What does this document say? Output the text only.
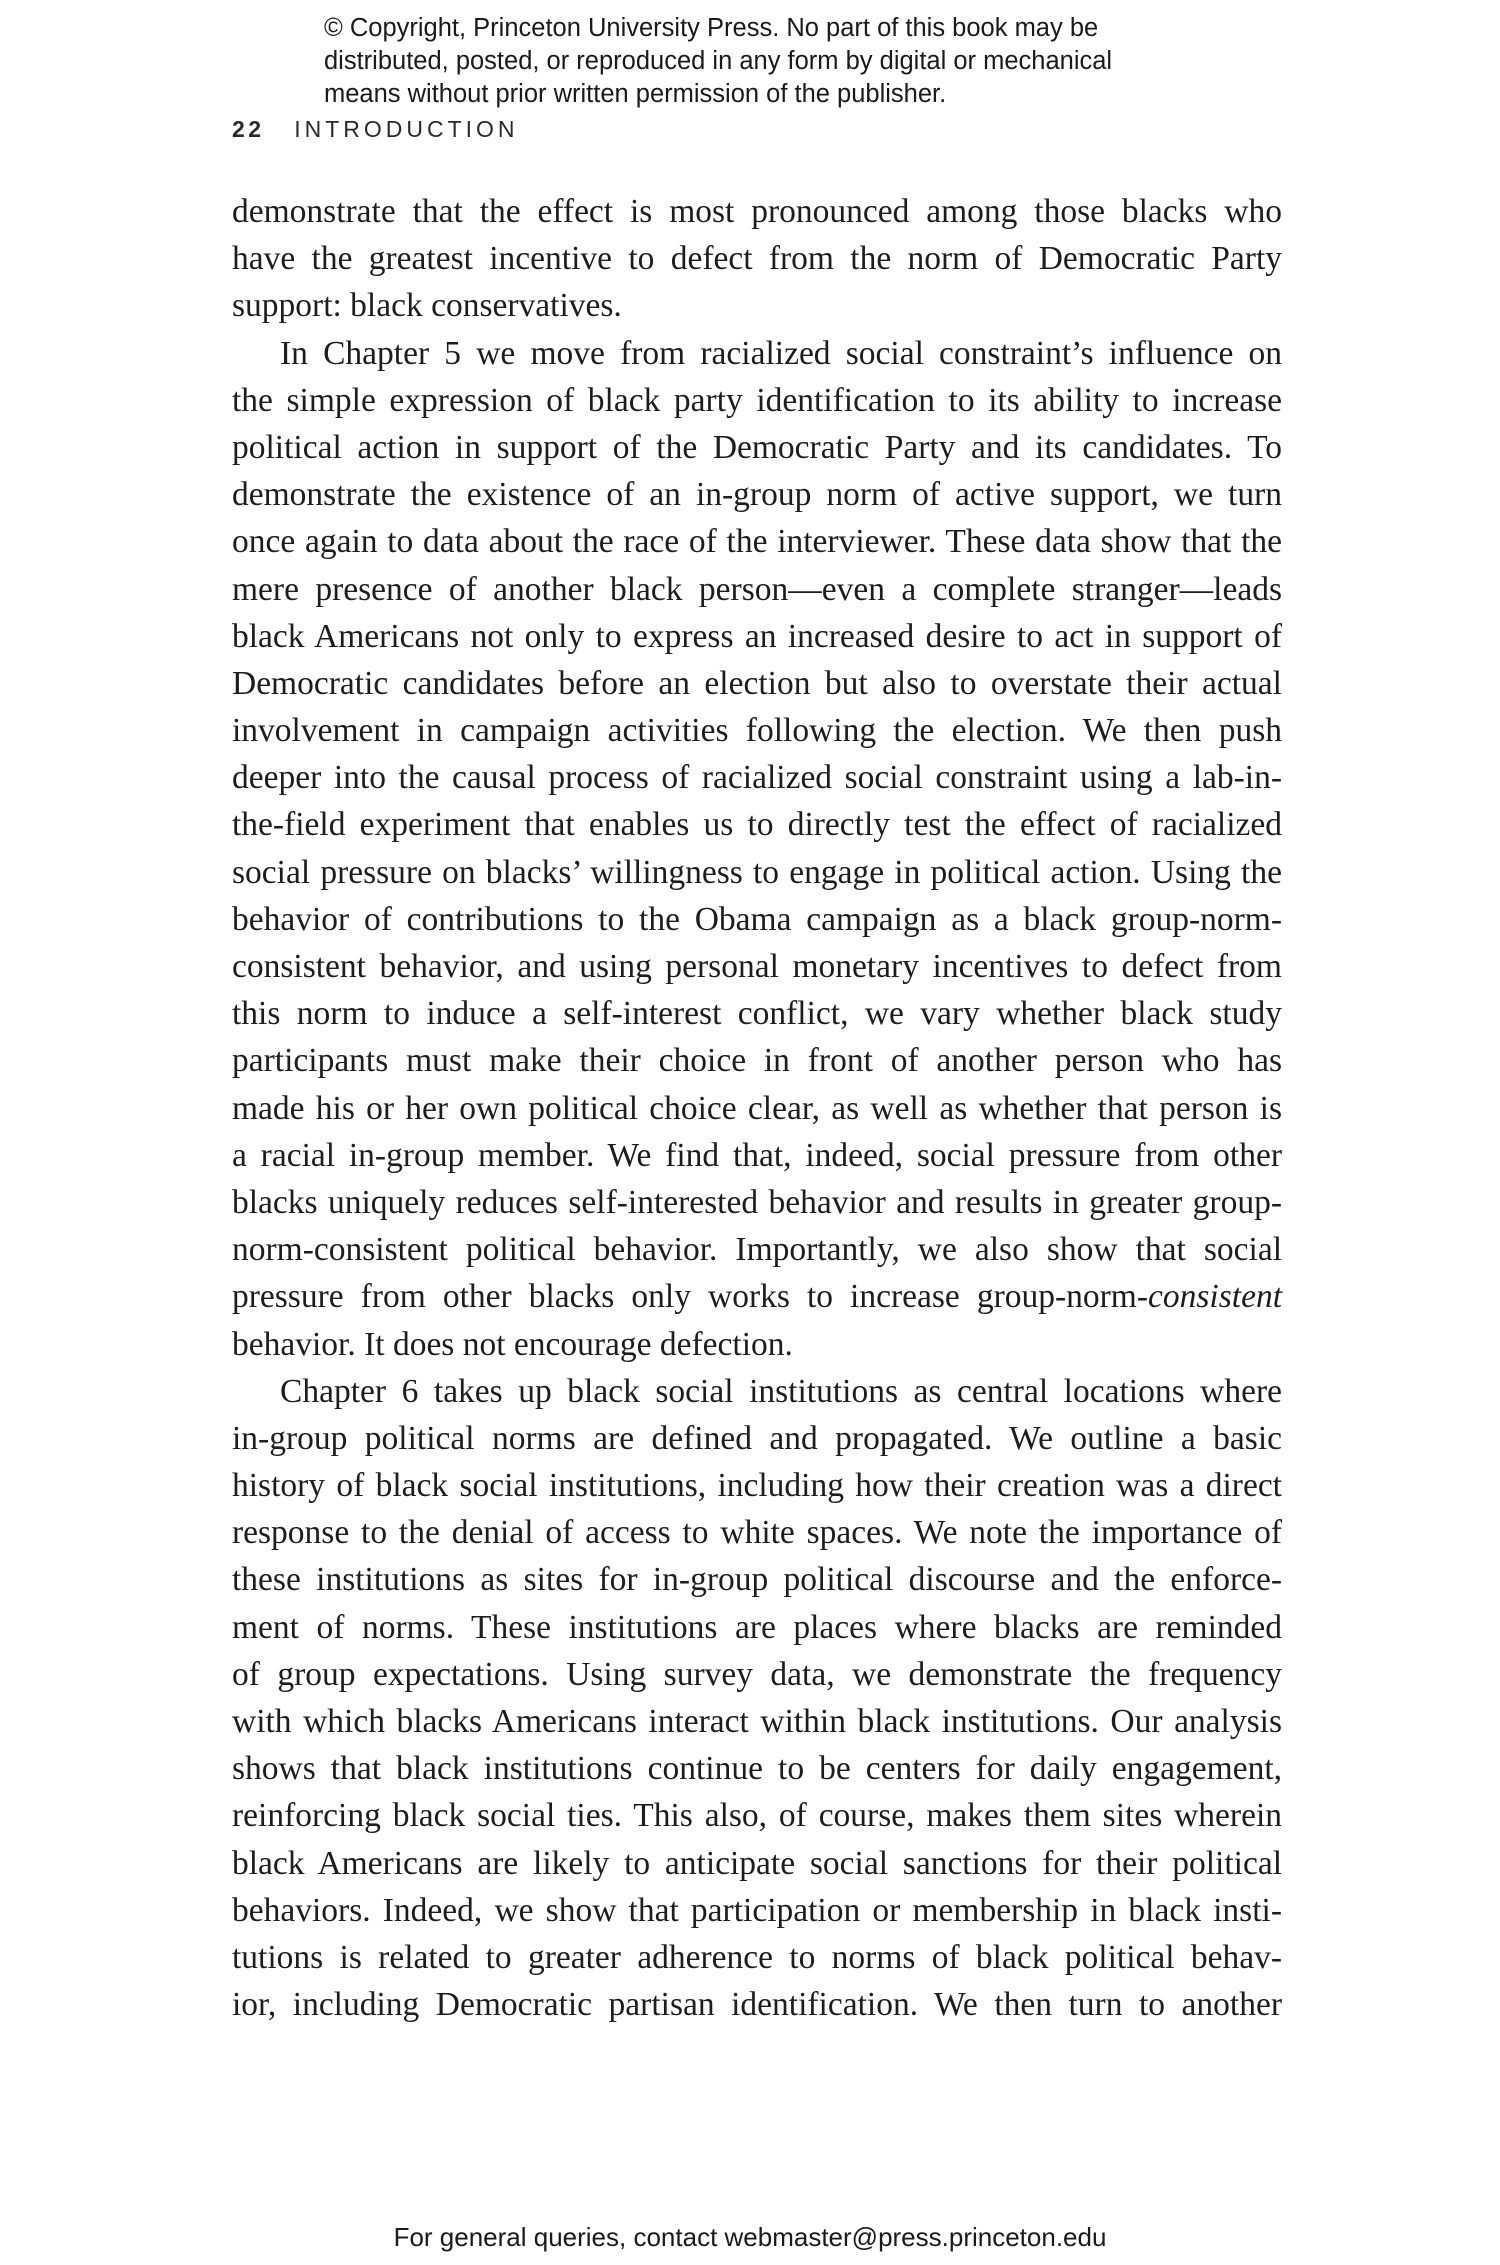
© Copyright, Princeton University Press. No part of this book may be
distributed, posted, or reproduced in any form by digital or mechanical
means without prior written permission of the publisher.
22 INTRODUCTION
demonstrate that the effect is most pronounced among those blacks who
have the greatest incentive to defect from the norm of Democratic Party
support: black conservatives.
In Chapter 5 we move from racialized social constraint’s influence on
the simple expression of black party identification to its ability to increase
political action in support of the Democratic Party and its candidates. To
demonstrate the existence of an in-group norm of active support, we turn
once again to data about the race of the interviewer. These data show that the
mere presence of another black person—even a complete stranger—leads
black Americans not only to express an increased desire to act in support of
Democratic candidates before an election but also to overstate their actual
involvement in campaign activities following the election. We then push
deeper into the causal process of racialized social constraint using a lab-in-
the-field experiment that enables us to directly test the effect of racialized
social pressure on blacks’ willingness to engage in political action. Using the
behavior of contributions to the Obama campaign as a black group-norm-
consistent behavior, and using personal monetary incentives to defect from
this norm to induce a self-interest conflict, we vary whether black study
participants must make their choice in front of another person who has
made his or her own political choice clear, as well as whether that person is
a racial in-group member. We find that, indeed, social pressure from other
blacks uniquely reduces self-interested behavior and results in greater group-
norm-consistent political behavior. Importantly, we also show that social
pressure from other blacks only works to increase group-norm-consistent
behavior. It does not encourage defection.
Chapter 6 takes up black social institutions as central locations where
in-group political norms are defined and propagated. We outline a basic
history of black social institutions, including how their creation was a direct
response to the denial of access to white spaces. We note the importance of
these institutions as sites for in-group political discourse and the enforce-
ment of norms. These institutions are places where blacks are reminded
of group expectations. Using survey data, we demonstrate the frequency
with which blacks Americans interact within black institutions. Our analysis
shows that black institutions continue to be centers for daily engagement,
reinforcing black social ties. This also, of course, makes them sites wherein
black Americans are likely to anticipate social sanctions for their political
behaviors. Indeed, we show that participation or membership in black insti-
tutions is related to greater adherence to norms of black political behav-
ior, including Democratic partisan identification. We then turn to another
For general queries, contact webmaster@press.princeton.edu
